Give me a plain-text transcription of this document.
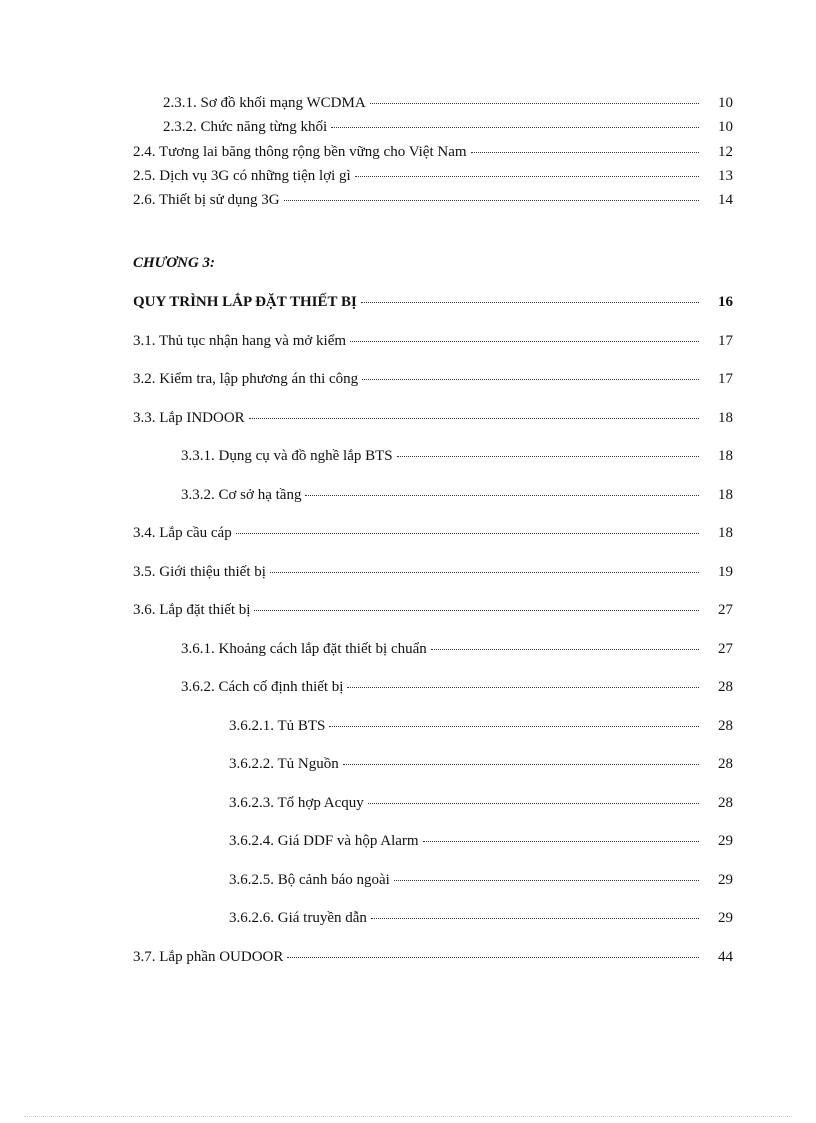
2.3.1. Sơ đồ khối mạng WCDMA	10
2.3.2. Chức năng từng khối	10
2.4. Tương lai băng thông rộng bền vững cho Việt Nam	12
2.5. Dịch vụ 3G có những tiện lợi gì	13
2.6. Thiết bị sử dụng 3G	14
CHƯƠNG 3:
QUY TRÌNH LẮP ĐẶT THIẾT BỊ	16
3.1. Thủ tục nhận hang và mở kiểm	17
3.2. Kiểm tra, lập phương án thi công	17
3.3. Lắp INDOOR	18
3.3.1. Dụng cụ và đồ nghề lắp BTS	18
3.3.2. Cơ sở hạ tầng	18
3.4. Lắp cầu cáp	18
3.5. Giới thiệu thiết bị	19
3.6. Lắp đặt thiết bị	27
3.6.1. Khoảng cách lắp đặt thiết bị chuẩn	27
3.6.2. Cách cố định thiết bị	28
3.6.2.1. Tủ BTS	28
3.6.2.2. Tủ Nguồn	28
3.6.2.3. Tổ hợp Acquy	28
3.6.2.4. Giá DDF và hộp Alarm	29
3.6.2.5. Bộ cảnh báo ngoài	29
3.6.2.6. Giá truyền dẫn	29
3.7. Lắp phần OUDOOR	44
